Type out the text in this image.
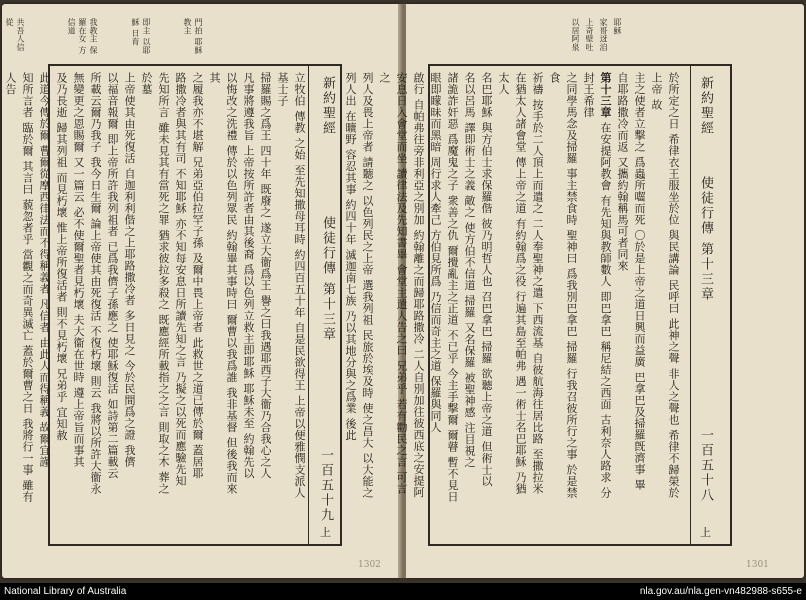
共吾人信從	我教主 保羅在女 方信道	即主 以耶穌 日育	門拍 耶穌 教主
立牧伯 傳教 之始 至先知撒母耳時 約四百五十年 自是民欲得王 上帝以便雅憫支派人基士子
掃羅賜之爲王 四十年 既廢之 遂立大衞爲王 譽之曰我遇耶西子大衞乃合我心之人
凡事將遵我旨 上帝按所許者由其後裔 爲以色列立救主即耶穌 耶穌未至 約翰先以
以悔改之洗禮 傳於以色列眾民 約翰畢其事時曰 爾曹以我爲誰 我非基督 但後我而來其
之履我亦不堪解 兄弟亞伯拉罕子孫 及爾中畏上帝者 此救世之道已傳於爾 蓋居耶
路撒冷者與其有司 不知耶穌 亦不知每安息日所讀先知之言 乃擬之以死而應驗先知
先知所言 雖未見其有當死之罪 猶求彼拉多殺之 既應經所載指之之言 則取之木 葬之於墓
上帝使其由死復活 自迦利利偕之上耶路撒冷者 多日見之 今於民間爲之證 我儕
以福音報爾 即上帝所許我列祖者 已爲我儕子孫應之 使耶穌復活 如詩第二篇載云
所載云爾乃我子 我今日生爾 論上帝使其由死復活 不復朽壞 則云 我將以所許大衞永
無變更之恩賜爾 又一篇云 必不使爾聖者見朽壞 夫大衞在世時 遵上帝旨而事其
及乃長逝 歸其列祖 而見朽壞 惟上帝所復活者 則不見朽壞 兄弟乎 宜知赦
此道今傳於爾 曹爾從摩西律法而不得稱義者 凡信者 由此人而得稱義 故爾宜謹
知所言者 臨於爾 其言曰 藐忽者乎 當觀之而奇異滅亡 蓋於爾曹之日 我將行一事 雖有人告	新約聖經
使徒行傳 第十三章
一百五十九
上
1302
以居阿泉 上奇壁吐 家哥迓洎 耶穌
於所定之日 希律衣王服坐於位 與民講論 民呼曰 此神之聲 非人之聲也 希律不歸榮於上帝 故
主之使者立擊之 爲蟲所囓而死 〇於是上帝之道日興而益廣 巴拿巴及掃羅旣濟事 畢
自耶路撒冷而返 又攜約翰稱馬可者同來
第十三章 在安提阿教會 有先知與教師數人 即巴拿巴 稱尼結之西面 古利奈人路求 分封王希律
之同學馬念及掃羅 事主禁食時 聖神曰 爲我別巴拿巴 掃羅 行我召彼所行之事 於是禁食
祈禱 按手於二人頂上而遣之 二人奉聖神之遣 下西流基 自彼航海往居比路 至撒拉米
在猶太人諸會堂 傳上帝之道 有約翰爲之役 行遍其島至帕弗 遇一術士名巴耶穌 乃猶太人
名巴耶穌 與方伯士求保羅偕 彼乃明哲人也 召巴拿巴 掃羅 欲聽上帝之道 但術士以
名以呂馬 譯即術士之義 敵之 使方伯不信道 掃羅 又名保羅 被聖神感 注目視之
諸詭詐奸惡 爲魔鬼之子 衆善之仇 爾攪亂主之正道 不已乎 今主手擊爾 爾瞽 暫不見日
眼即矇昧而黑暗 周行求人牽己 方伯見所爲 乃信而奇主之道 保羅與同人
啟行 自帕弗往旁非利亞之別加 約翰離之而歸耶路撒冷 二人自別加往彼西底之安提阿
安息日入會堂而坐 讀律法及先知書畢 會堂主遣人告之曰 兄弟乎 若有勸民之言 可言之
列人及畏上帝者 請聽之 以色列民之上帝 選我列祖 民旅於埃及時 使之昌大 以大能之
列人出 在曠野 容忍其事 約四十年 滅迦南七族 乃以其地分與之爲業 後此	新約聖經
使徒行傳 第十三章
一百五十八
上
1301
National Library of Australia	nla.gov.au/nla.gen-vn482988-s655-e
